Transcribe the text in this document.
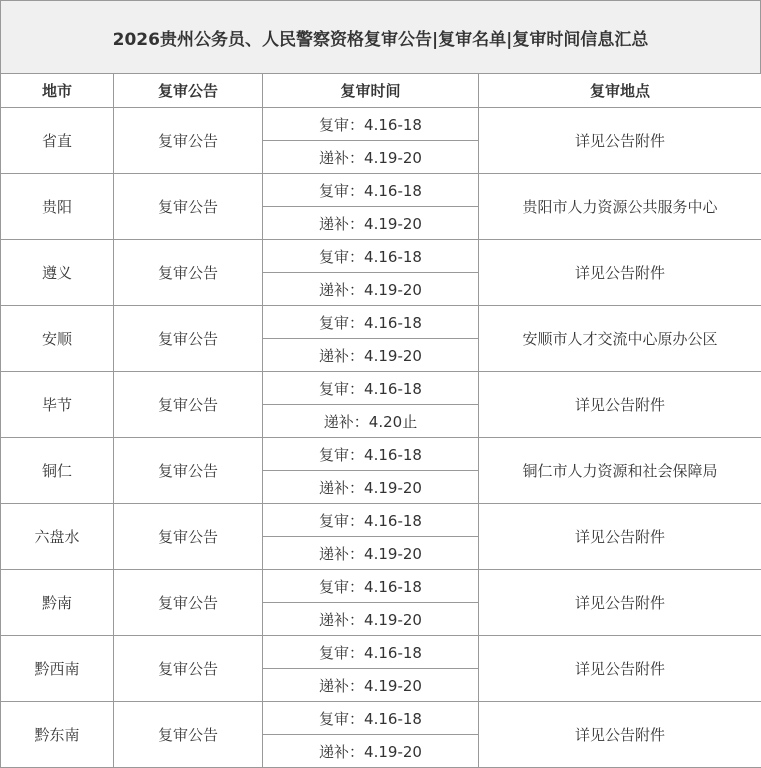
2026贵州公务员、人民警察资格复审公告|复审名单|复审时间信息汇总
地市	复审公告	复审时间	复审地点
省直	复审公告	复审：4.16-18	详见公告附件
		递补：4.19-20	
贵阳	复审公告	复审：4.16-18	贵阳市人力资源公共服务中心
		递补：4.19-20	
遵义	复审公告	复审：4.16-18	详见公告附件
		递补：4.19-20	
安顺	复审公告	复审：4.16-18	安顺市人才交流中心原办公区
		递补：4.19-20	
毕节	复审公告	复审：4.16-18	详见公告附件
		递补：4.20止	
铜仁	复审公告	复审：4.16-18	铜仁市人力资源和社会保障局
		递补：4.19-20	
六盘水	复审公告	复审：4.16-18	详见公告附件
		递补：4.19-20	
黔南	复审公告	复审：4.16-18	详见公告附件
		递补：4.19-20	
黔西南	复审公告	复审：4.16-18	详见公告附件
		递补：4.19-20	
黔东南	复审公告	复审：4.16-18	详见公告附件
		递补：4.19-20	
